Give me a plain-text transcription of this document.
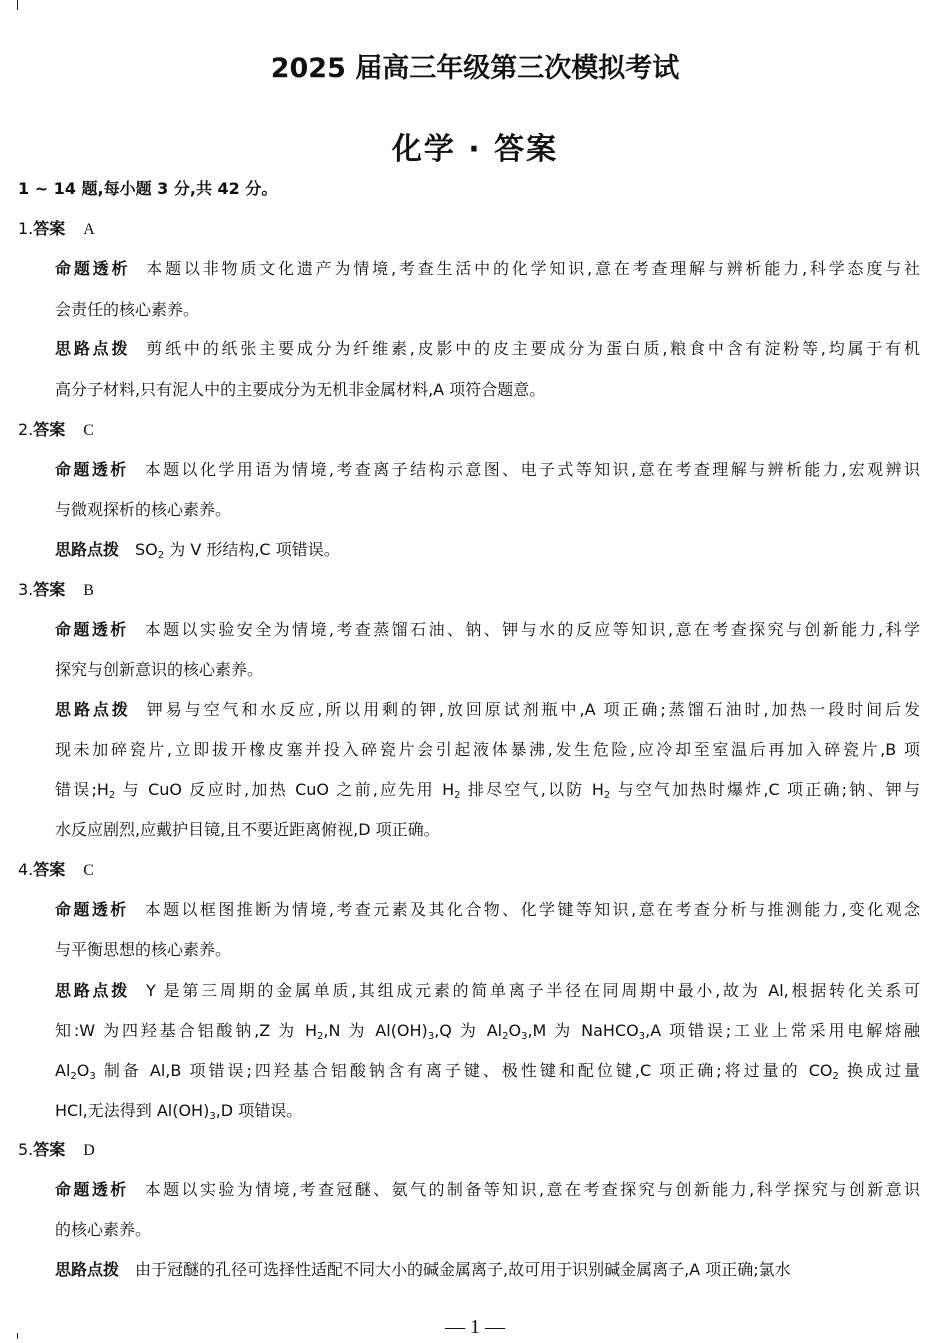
2025 届高三年级第三次模拟考试
化学 · 答案
1 ~ 14 题,每小题 3 分,共 42 分。
1.答案 A
命题透析 本题以非物质文化遗产为情境,考查生活中的化学知识,意在考查理解与辨析能力,科学态度与社
会责任的核心素养。
思路点拨 剪纸中的纸张主要成分为纤维素,皮影中的皮主要成分为蛋白质,粮食中含有淀粉等,均属于有机
高分子材料,只有泥人中的主要成分为无机非金属材料,A 项符合题意。
2.答案 C
命题透析 本题以化学用语为情境,考查离子结构示意图、电子式等知识,意在考查理解与辨析能力,宏观辨识
与微观探析的核心素养。
思路点拨 $SO_2$ 为 V 形结构,C 项错误。
3.答案 B
命题透析 本题以实验安全为情境,考查蒸馏石油、钠、钾与水的反应等知识,意在考查探究与创新能力,科学
探究与创新意识的核心素养。
思路点拨 钾易与空气和水反应,所以用剩的钾,放回原试剂瓶中,A 项正确;蒸馏石油时,加热一段时间后发
现未加碎瓷片,立即拔开橡皮塞并投入碎瓷片会引起液体暴沸,发生危险,应冷却至室温后再加入碎瓷片,B 项
错误$;H_2$ 与 CuO 反应时,加热 CuO 之前,应先用 $H_2$ 排尽空气,以防 $H_2$ 与空气加热时爆炸,C 项正确;钠、钾与
水反应剧烈,应戴护目镜,且不要近距离俯视,D 项正确。
4.答案 C
命题透析 本题以框图推断为情境,考查元素及其化合物、化学键等知识,意在考查分析与推测能力,变化观念
与平衡思想的核心素养。
思路点拨 Y 是第三周期的金属单质,其组成元素的简单离子半径在同周期中最小,故为 Al,根据转化关系可
知:W 为四羟基合铝酸钠,Z 为 $H_2,N$ 为 $Al(OH)_3,Q$ 为 $Al_2O_3,M$ 为 NaHCO$_3$,A 项错误;工业上常采用电解熔融
$Al_2O_3$ 制备 Al,B 项错误;四羟基合铝酸钠含有离子键、极性键和配位键,C 项正确;将过量的 $CO_2$ 换成过量
HCl,无法得到 $Al(OH)_3,D$ 项错误。
5.答案 D
命题透析 本题以实验为情境,考查冠醚、氨气的制备等知识,意在考查探究与创新能力,科学探究与创新意识
的核心素养。
思路点拨 由于冠醚的孔径可选择性适配不同大小的碱金属离子,故可用于识别碱金属离子,A 项正确;氯水
— 1 —
